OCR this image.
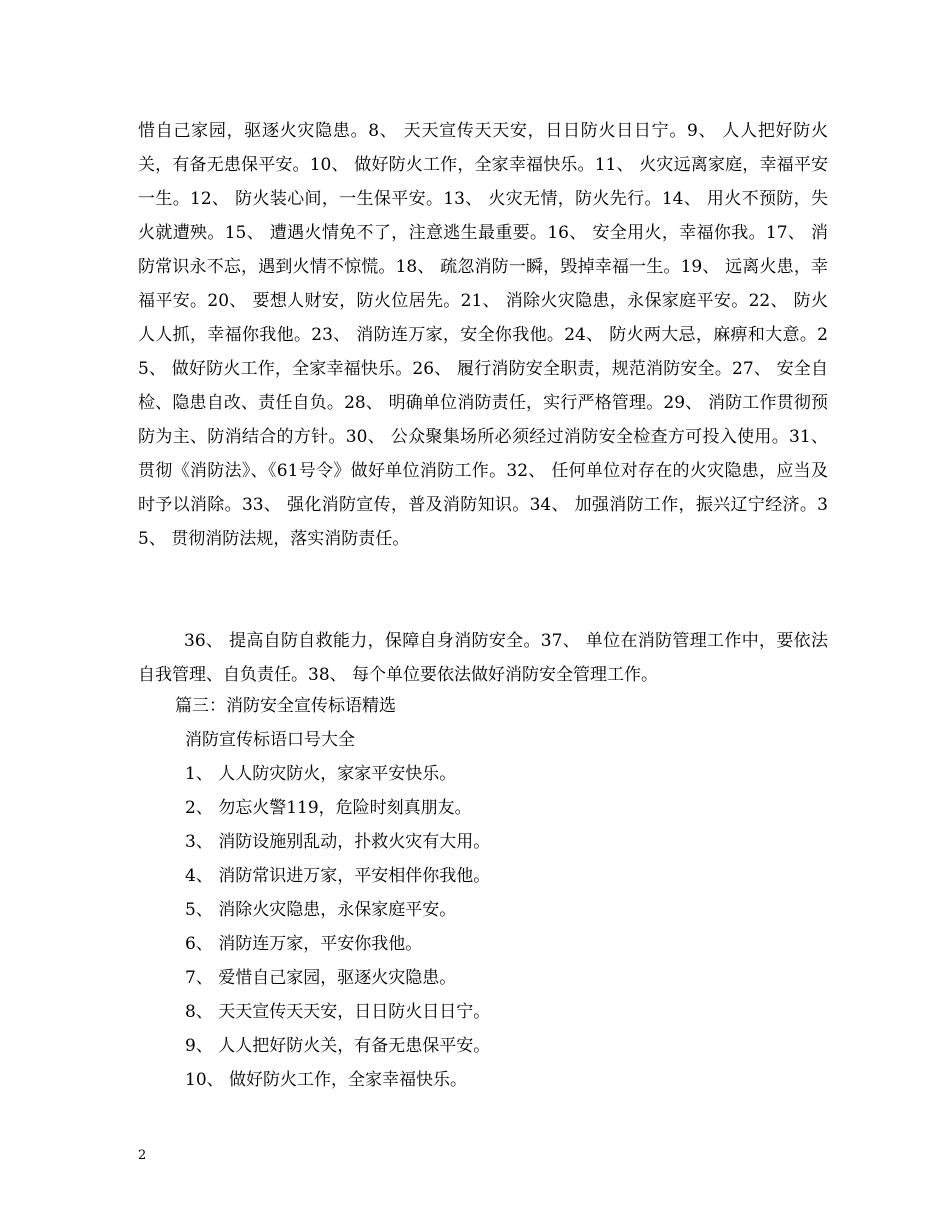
惜自己家园，驱逐火灾隐患。8、 天天宣传天天安，日日防火日日宁。9、 人人把好防火关，有备无患保平安。10、 做好防火工作，全家幸福快乐。11、 火灾远离家庭，幸福平安一生。12、 防火装心间，一生保平安。13、 火灾无情，防火先行。14、 用火不预防，失火就遭殃。15、 遭遇火情免不了，注意逃生最重要。16、 安全用火，幸福你我。17、 消防常识永不忘，遇到火情不惊慌。18、 疏忽消防一瞬，毁掉幸福一生。19、 远离火患，幸福平安。20、 要想人财安，防火位居先。21、 消除火灾隐患，永保家庭平安。22、 防火人人抓，幸福你我他。23、 消防连万家，安全你我他。24、 防火两大忌，麻痹和大意。25、 做好防火工作，全家幸福快乐。26、 履行消防安全职责，规范消防安全。27、 安全自检、隐患自改、责任自负。28、 明确单位消防责任，实行严格管理。29、 消防工作贯彻预防为主、防消结合的方针。30、 公众聚集场所必须经过消防安全检查方可投入使用。31、 贯彻《消防法》、《61号令》做好单位消防工作。32、 任何单位对存在的火灾隐患，应当及时予以消除。33、 强化消防宣传，普及消防知识。34、 加强消防工作，振兴辽宁经济。35、 贯彻消防法规，落实消防责任。

36、 提高自防自救能力，保障自身消防安全。37、 单位在消防管理工作中，要依法自我管理、自负责任。38、 每个单位要依法做好消防安全管理工作。

篇三：消防安全宣传标语精选

消防宣传标语口号大全

1、 人人防灾防火，家家平安快乐。

2、 勿忘火警119，危险时刻真朋友。

3、 消防设施别乱动，扑救火灾有大用。

4、 消防常识进万家，平安相伴你我他。

5、 消除火灾隐患，永保家庭平安。

6、 消防连万家，平安你我他。

7、 爱惜自己家园，驱逐火灾隐患。

8、 天天宣传天天安，日日防火日日宁。

9、 人人把好防火关，有备无患保平安。

10、 做好防火工作，全家幸福快乐。

2
